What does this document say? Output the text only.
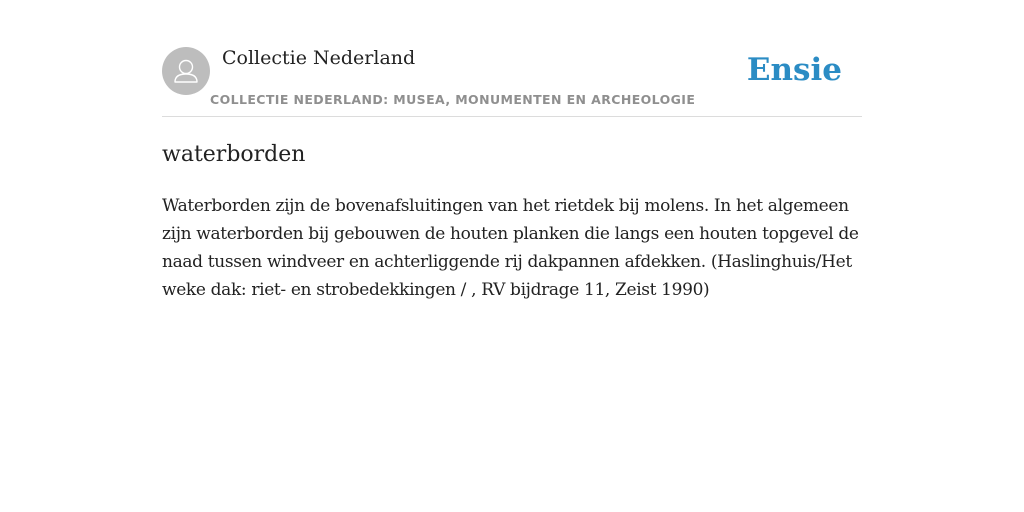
Collectie Nederland
COLLECTIE NEDERLAND: MUSEA, MONUMENTEN EN ARCHEOLOGIE
Ensie
waterborden

Waterborden zijn de bovenafsluitingen van het rietdek bij molens. In het algemeen zijn waterborden bij gebouwen de houten planken die langs een houten topgevel de naad tussen windveer en achterliggende rij dakpannen afdekken. (Haslinghuis/Het weke dak: riet- en strobedekkingen / , RV bijdrage 11, Zeist 1990)
